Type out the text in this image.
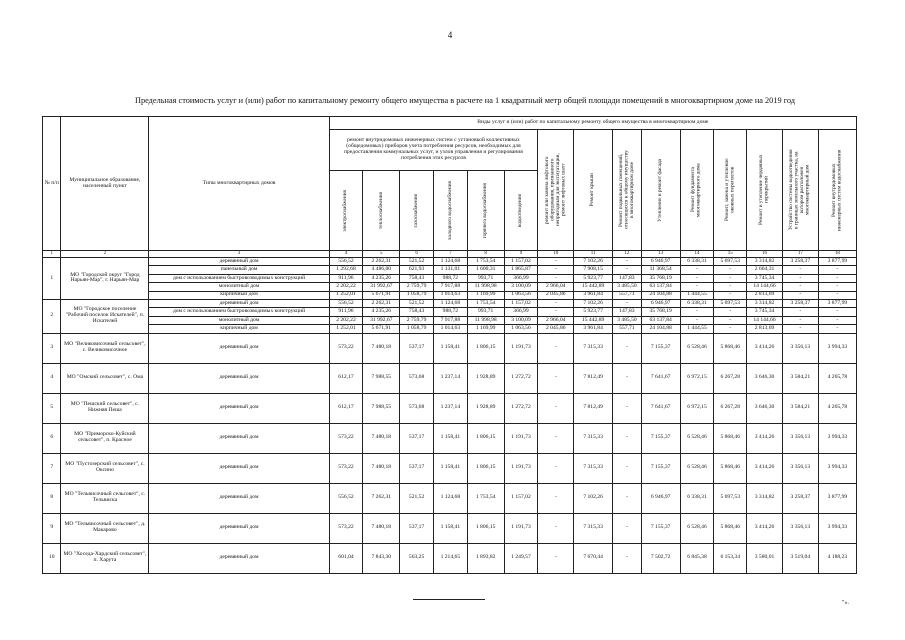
4
Предельная стоимость услуг и (или) работ по капитальному ремонту общего имущества в расчете на 1 квадратный метр общей площади помещений в многоквартирном доме на 2019 год
№ п/п	Муниципальное образование, населенный пункт	Типы многоквартирных домов	Виды услуг и (или) работ по капитальному ремонту общего имущества в многоквартирном доме														
			ремонт внутридомовых инженерных систем с установкой коллективных (общедомовых) приборов учета потребления ресурсов, необходимых для предоставления коммунальных услуг, и узлов управления и регулирования потребления этих ресурсов						ремонт или замена лифтового оборудования, признанного непригодным для эксплуатации, ремонт лифтовых шахт	Ремонт крыши	Ремонт подвальных помещений, относящихся к общему имуществу в многоквартирном доме	Утепление и ремонт фасада	Ремонт фундамента многоквартирного дома	Ремонт, замена и утепление оконных переплетов	Ремонт и утепление чердачных перекрытий	Устройство системы водоотведения в границах земельного участка, на котором расположен многоквартирный дом	Ремонт внутридомовых инженерных систем водоснабжения

			электроснабжения	теплоснабжения	газоснабжения	холодного водоснабжения	горячего водоснабжения	водоотведения									

1	2	3	4	5	6	7	8	9	10	11	12	13	14	15	16	17	18
1	МО "Городской округ "Город Нарьян-Мар", г. Нарьян-Мар	деревянный дом	556,52	2 262,31	521,52	1 124,68	1 753,54	1 157,02	-	7 102,26	-	6 946,97	6 338,31	5 697,53	3 314,82	3 258,37	3 877,99
		панельный дом	1 292,68	4 486,00	621,93	1 131,01	1 600,31	1 865,87	-	7 908,15	-	11 368,54	-	-	2 664,31	-	-
		дом с использованием быстровозводимых конструкций	911,96	4 235,26	758,43	988,72	993,71	366,99	-	5 923,77	147,83	35 768,19	-	-	3 745,34	-	-
		монолитный дом	2 202,22	31 992,67	2 759,79	7 917,88	11 998,98	3 100,09	2 966,04	15 442,89	3 485,50	63 137,84	-	-	14 144,66	-	-
		кирпичный дом	1 252,01	5 671,91	1 058,79	1 014,63	1 169,99	1 063,56	2 045,86	3 961,84	557,71	24 104,88	1 444,55	-	2 813,69	-	-
2	МО "Городское поселение "Рабочий поселок Искателей", п. Искателей	деревянный дом	556,52	2 262,31	521,52	1 124,68	1 753,54	1 157,02	-	7 102,26	-	6 946,97	6 338,31	5 697,53	3 314,82	3 258,37	3 877,99
		дом с использованием быстровозводимых конструкций	911,96	4 235,26	758,43	988,72	993,71	366,99	-	5 923,77	147,83	35 768,19	-	-	3 745,34	-	-
		монолитный дом	2 202,22	31 992,67	2 759,79	7 917,88	11 998,98	3 100,09	2 966,04	15 442,89	3 485,50	63 137,84	-	-	14 144,66	-	-
		кирпичный дом	1 252,01	5 671,91	1 058,79	1 014,63	1 169,99	1 063,56	2 045,86	3 961,84	557,71	24 104,88	1 444,55	-	2 813,69	-	-
3	МО "Великовисочный сельсовет", с. Великовисочное	деревянный дом	573,22	7 480,18	537,17	1 158,41	1 806,15	1 191,73	-	7 315,33	-	7 155,37	6 528,46	5 868,46	3 414,26	3 356,13	3 994,33
4	МО "Омский сельсовет", с. Ома	деревянный дом	612,17	7 988,55	573,68	1 237,14	1 928,89	1 272,72	-	7 812,49	-	7 641,67	6 972,15	6 267,28	3 646,30	3 584,21	4 265,78
5	МО "Пешский сельсовет", с. Нижняя Пеша	деревянный дом	612,17	7 988,55	573,68	1 237,14	1 928,89	1 272,72	-	7 812,49	-	7 641,67	6 972,15	6 267,28	3 646,30	3 584,21	4 265,78
6	МО "Приморско-Куйский сельсовет", п. Красное	деревянный дом	573,22	7 480,18	537,17	1 158,41	1 806,15	1 191,73	-	7 315,33	-	7 155,37	6 528,46	5 868,46	3 414,26	3 356,13	3 994,33
7	МО "Пустозерский сельсовет", с. Оксино	деревянный дом	573,22	7 480,18	537,17	1 158,41	1 806,15	1 191,73	-	7 315,33	-	7 155,37	6 528,46	5 868,46	3 414,26	3 356,13	3 994,33
8	МО "Тельвисочный сельсовет", с. Тельвиска	деревянный дом	556,52	7 262,31	521,52	1 124,68	1 753,54	1 157,02	-	7 102,26	-	6 946,97	6 338,31	5 697,53	3 314,82	3 258,37	3 877,99
9	МО "Тельвисочный сельсовет", д. Макарово	деревянный дом	573,22	7 480,18	537,17	1 158,41	1 806,15	1 191,73	-	7 315,33	-	7 155,37	6 528,46	5 868,46	3 414,26	3 356,13	3 994,33
10	МО "Хоседа-Хардский сельсовет", п. Харута	деревянный дом	601,04	7 843,30	563,25	1 214,65	1 893,82	1 249,57	-	7 670,44	-	7 502,72	6 845,38	6 153,34	3 580,01	3 519,04	4 188,23
"».
